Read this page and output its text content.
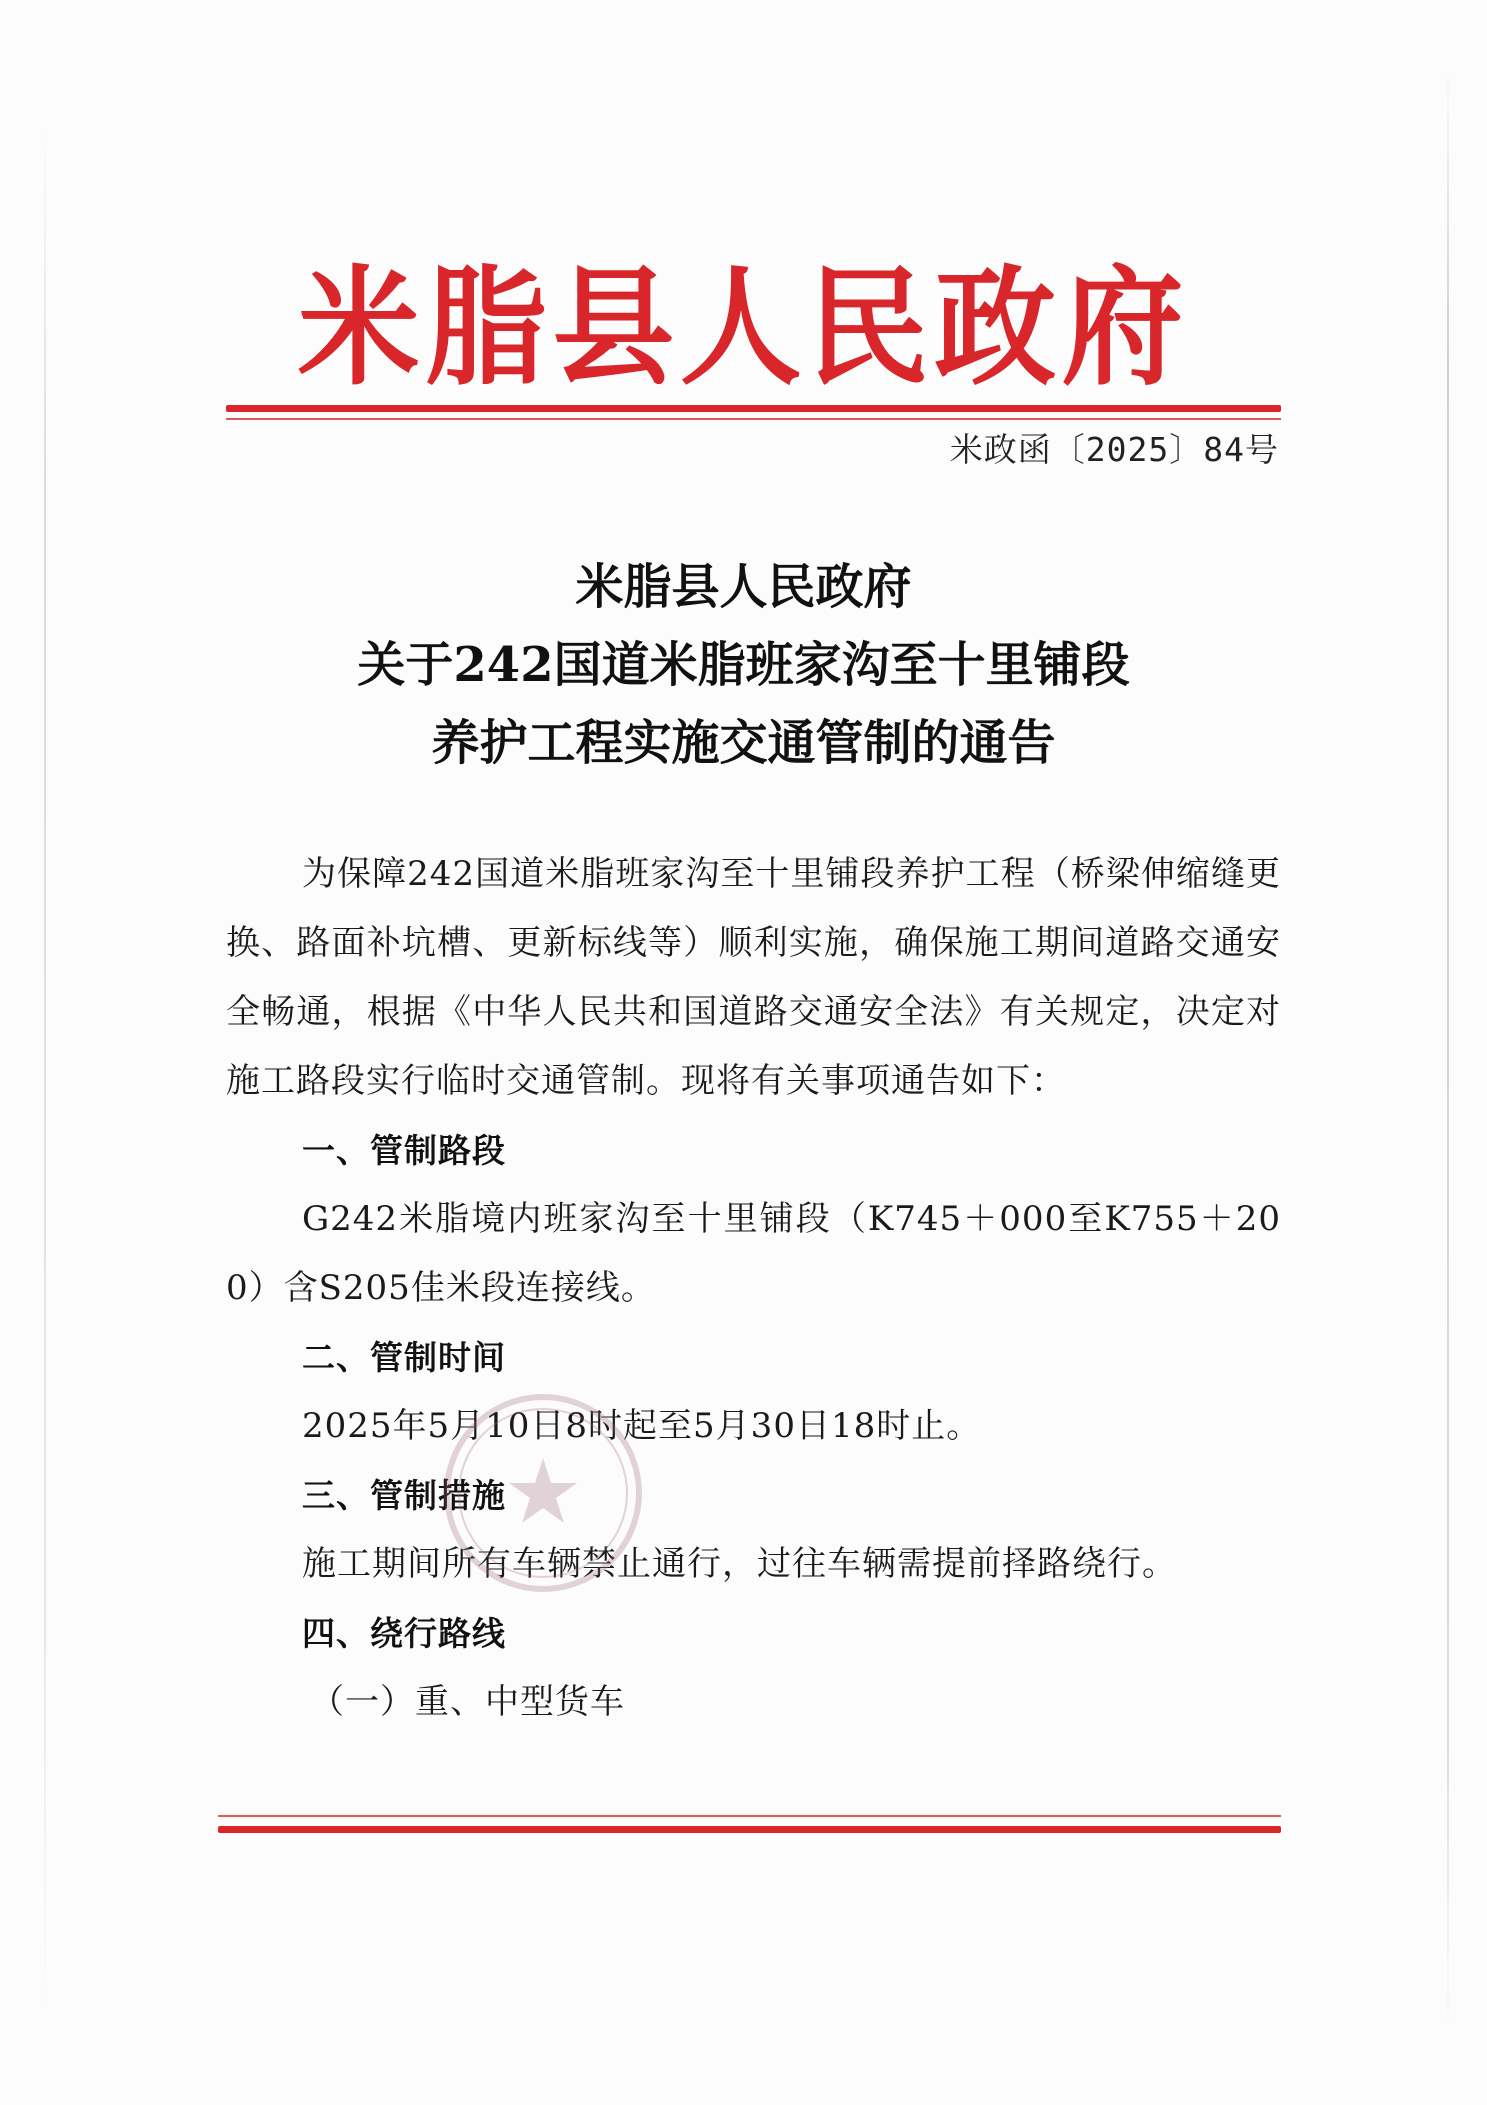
米脂县人民政府
米政函〔2025〕84号
米脂县人民政府
关于242国道米脂班家沟至十里铺段
养护工程实施交通管制的通告

为保障242国道米脂班家沟至十里铺段养护工程（桥梁伸缩缝更换、路面补坑槽、更新标线等）顺利实施，确保施工期间道路交通安全畅通，根据《中华人民共和国道路交通安全法》有关规定，决定对施工路段实行临时交通管制。现将有关事项通告如下：

一、管制路段

G242米脂境内班家沟至十里铺段（K745＋000至K755＋200）含S205佳米段连接线。

二、管制时间

2025年5月10日8时起至5月30日18时止。

三、管制措施

施工期间所有车辆禁止通行，过往车辆需提前择路绕行。

四、绕行路线

（一）重、中型货车
